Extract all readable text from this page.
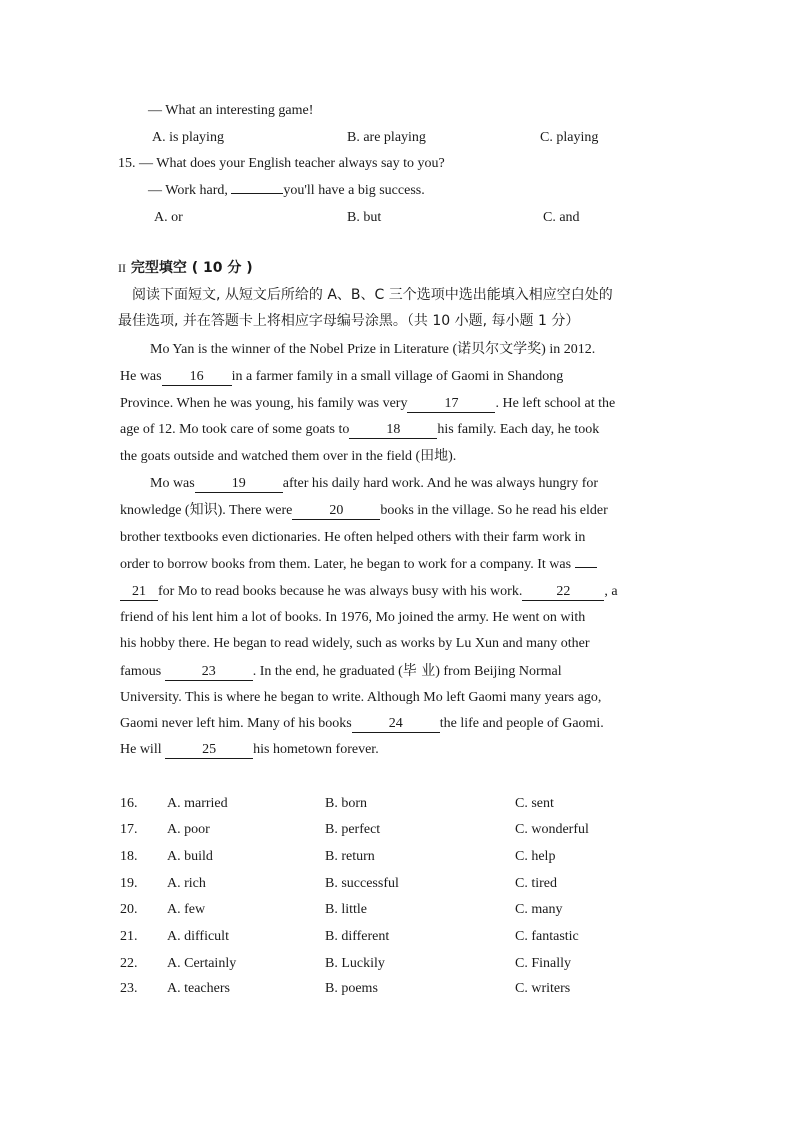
— What an interesting game!
A. is playing	B. are playing	C. playing
15. — What does your English teacher always say to you?
— Work hard,	you'll have a big success.
A. or	B. but	C. and
II 完型填空 ( 10 分 )
阅读下面短文, 从短文后所给的 A、B、C 三个选项中选出能填入相应空白处的
最佳选项, 并在答题卡上将相应字母编号涂黑。（共 10 小题, 每小题 1 分）
Mo Yan is the winner of the Nobel Prize in Literature (诺贝尔文学奖) in 2012.
He was 16 in a farmer family in a small village of Gaomi in Shandong
Province. When he was young, his family was very	17	. He left school at the
age of 12. Mo took care of some goats to	18	his family. Each day, he took
the goats outside and watched them over in the field (田地).
Mo was	19	after his daily hard work. And he was always hungry for
knowledge (知识). There were	20	books in the village. So he read his elder
brother textbooks even dictionaries. He often helped others with their farm work in
order to borrow books from them. Later, he began to work for a company. It was
21 for Mo to read books because he was always busy with his work. 22 , a
friend of his lent him a lot of books. In 1976, Mo joined the army. He went on with
his hobby there. He began to read widely, such as works by Lu Xun and many other
famous	23	. In the end, he graduated (毕 业) from Beijing Normal
University. This is where he began to write. Although Mo left Gaomi many years ago,
Gaomi never left him. Many of his books	24	the life and people of Gaomi.
He will	25	his hometown forever.
16. A. married	B. born	C. sent
17. A. poor	B. perfect	C. wonderful
18. A. build	B. return	C. help
19. A. rich	B. successful	C. tired
20. A. few	B. little	C. many
21. A. difficult	B. different	C. fantastic
22. A. Certainly	B. Luckily	C. Finally
23. A. teachers	B. poems	C. writers
